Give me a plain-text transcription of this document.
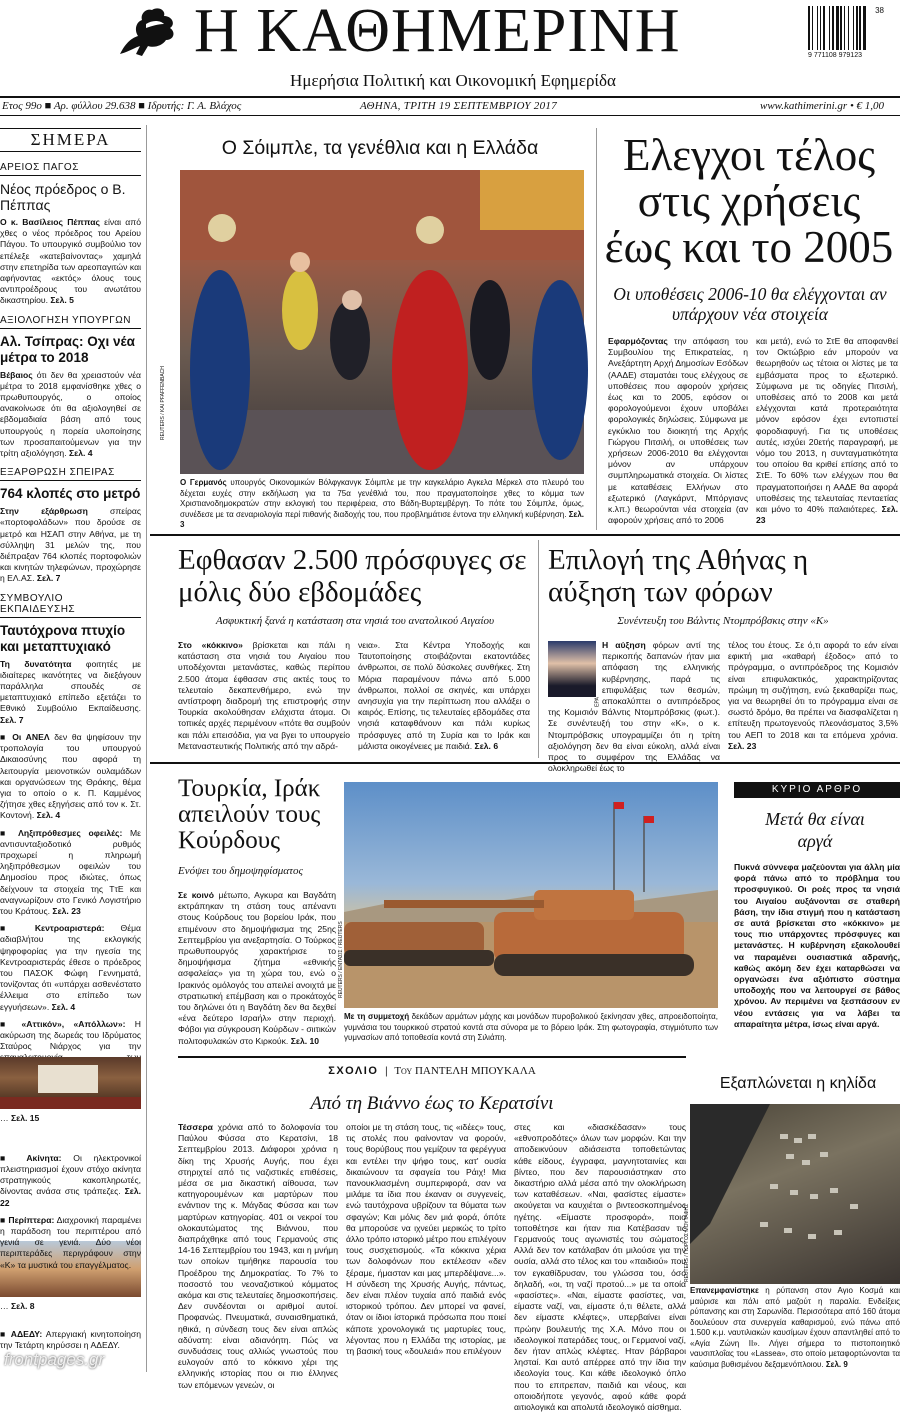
Η ΚΑΘΗΜΕΡΙΝΗ
Ημερήσια Πολιτική και Οικονομική Εφημερίδα
38
9 771108 979123
Ετος 99ο ■ Αρ. φύλλου 29.638 ■ Ιδρυτής: Γ. Α. Βλάχος	ΑΘΗΝΑ, ΤΡΙΤΗ 19 ΣΕΠΤΕΜΒΡΙΟΥ 2017	www.kathimerini.gr • € 1,00
ΣΗΜΕΡΑ
ΑΡΕΙΟΣ ΠΑΓΟΣ
Νέος πρόεδρος ο Β. Πέππας
Ο κ. Βασίλειος Πέππας είναι από χθες ο νέος πρόεδρος του Αρείου Πάγου. Το υπουργικό συμβούλιο τον επέλεξε «κατεβαίνοντας» χαμηλά στην επετηρίδα των αρεοπαγιτών και αφήνοντας «εκτός» όλους τους αντιπροέδρους του ανωτάτου δικαστηρίου. Σελ. 5
ΑΞΙΟΛΟΓΗΣΗ ΥΠΟΥΡΓΩΝ
Αλ. Τσίπρας: Οχι νέα μέτρα το 2018
Βέβαιος ότι δεν θα χρειαστούν νέα μέτρα το 2018 εμφανίσθηκε χθες ο πρωθυπουργός, ο οποίος ανακοίνωσε ότι θα αξιολογηθεί σε εβδομαδιαία βάση από τους υπουργούς η πορεία υλοποίησης των προσαπαιτούμενων για την τρίτη αξιολόγηση. Σελ. 4
ΕΞΑΡΘΡΩΣΗ ΣΠΕΙΡΑΣ
764 κλοπές στο μετρό
Στην εξάρθρωση σπείρας «πορτοφολάδων» που δρούσε σε μετρό και ΗΣΑΠ στην Αθήνα, με τη σύλληψη 31 μελών της, που διέπραξαν 764 κλοπές πορτοφολιών και κινητών τηλεφώνων, προχώρησε η ΕΛ.ΑΣ. Σελ. 7
ΣΥΜΒΟΥΛΙΟ ΕΚΠΑΙΔΕΥΣΗΣ
Ταυτόχρονα πτυχίο και μεταπτυχιακό
Τη δυνατότητα φοιτητές με ιδιαίτερες ικανότητες να διεξάγουν παράλληλα σπουδές σε μεταπτυχιακό επίπεδο εξετάζει το Εθνικό Συμβούλιο Εκπαίδευσης. Σελ. 7
■ Οι ΑΝΕΛ δεν θα ψηφίσουν την τροπολογία του υπουργού Δικαιοσύνης που αφορά τη λειτουργία μειονοτικών ουλαμάδων και οργανώσεων της Θράκης, θέμα για το οποίο ο κ. Π. Καμμένος ζήτησε χθες εξηγήσεις από τον κ. Στ. Κοντονή. Σελ. 4
■ Ληξιπρόθεσμες οφειλές: Με αντισυνταξιοδοτικό ρυθμός προχωρεί η πληρωμή ληξιπρόθεσμων οφειλών του Δημοσίου προς ιδιώτες, όπως δείχνουν τα στοιχεία της ΤτΕ και αναγνωρίζουν στο Γενικό Λογιστήριο του Κράτους. Σελ. 23
■ Κεντροαριστερά: Θέμα αδιαβλήτου της εκλογικής ψηφοφορίας για την ηγεσία της Κεντροαριστεράς έθεσε ο πρόεδρος του ΠΑΣΟΚ Φώφη Γεννηματά, τονίζοντας ότι «υπάρχει ασθενέστατο έλλειμα στο επίπεδο των εγγυήσεων». Σελ. 4
■ «Αττικόν», «Απόλλων»: Η ακύρωση της δωρεάς του Ιδρύματος Σταύρος Νιάρχος για την
… Σελ. 15
■ Ακίνητα: Οι ηλεκτρονικοί πλειστηριασμοί έχουν στόχο ακίνητα στρατηγικούς κακοπληρωτές, δίνοντας ανάσα στις τράπεζες. Σελ. 22
■ Περίπτερα: Διαχρονική παραμένει η παράδοση του περιπτέρου από γενιά σε γενιά. Δύο νέοι περιπτεράδες περιγράφουν στην «Κ» τα μυστικά του επαγγέλματος.
… Σελ. 8
■ ΑΔΕΔΥ: Απεργιακή κινητοποίηση την Τετάρτη κηρύσσει η ΑΔΕΔΥ.
frontpages.gr
Ο Σόιμπλε, τα γενέθλια και η Ελλάδα
REUTERS / KAI PFAFFENBACH
Ο Γερμανός υπουργός Οικονομικών Βόλφγκανγκ Σόιμπλε με την καγκελάριο Αγκελα Μέρκελ στο πλευρό του δέχεται ευχές στην εκδήλωση για τα 75α γενέθλιά του, που πραγματοποίησε χθες το κόμμα των Χριστιανοδημοκρατών στην εκλογική του περιφέρεια, στο Βάδη-Βυρτεμβέργη. Το πότε του Σόιμπλε, όμως, συνέδεσε με τα σεναριολογία περί πιθανής διαδοχής του, που προβλημάτισε έντονα την ελληνική κυβέρνηση. Σελ. 3
Ελεγχοι τέλος στις χρήσεις έως και το 2005
Οι υποθέσεις 2006-10 θα ελέγχονται αν υπάρχουν νέα στοιχεία
Εφαρμόζοντας την απόφαση του Συμβουλίου της Επικρατείας, η Ανεξάρτητη Αρχή Δημοσίων Εσόδων (ΑΑΔΕ) σταματάει τους ελέγχους σε υποθέσεις που αφορούν χρήσεις έως και το 2005, εφόσον οι φορολογούμενοι έχουν υποβάλει φορολογικές δηλώσεις. Σύμφωνα με εγκύκλιο του διοικητή της Αρχής Γιώργου Πιτσιλή, οι υποθέσεις των χρήσεων 2006-2010 θα ελέγχονται μόνον αν υπάρχουν συμπληρωματικά στοιχεία. Οι λίστες με καταθέσεις Ελλήνων στο εξωτερικό (Λαγκάρντ, Μπόργιανς κ.λπ.) θεωρούνται νέα στοιχεία (αν αφορούν χρήσεις από το 2006
και μετά), ενώ το ΣτΕ θα αποφανθεί τον Οκτώβριο εάν μπορούν να θεωρηθούν ως τέτοια οι λίστες με τα εμβάσματα προς το εξωτερικό. Σύμφωνα με τις οδηγίες Πιτσιλή, υποθέσεις από το 2008 και μετά ελέγχονται κατά προτεραιότητα μόνον εφόσον έχει εντοπιστεί φοροδιαφυγή. Για τις υποθέσεις αυτές, ισχύει 20ετής παραγραφή, με νόμο του 2013, η συνταγματικότητα του οποίου θα κριθεί επίσης από το ΣτΕ. Το 60% των ελέγχων που θα πραγματοποιήσει η ΑΑΔΕ θα αφορά υποθέσεις της τελευταίας πενταετίας και μόνο το 40% παλαιότερες. Σελ. 23
Εφθασαν 2.500 πρόσφυγες σε μόλις δύο εβδομάδες
Ασφυκτική ξανά η κατάσταση στα νησιά του ανατολικού Αιγαίου
Στο «κόκκινο» βρίσκεται και πάλι η κατάσταση στα νησιά του Αιγαίου που υποδέχονται μετανάστες, καθώς περίπου 2.500 άτομα έφθασαν στις ακτές τους το τελευταίο δεκαπενθήμερο, ενώ την αντίστροφη διαδρομή της επιστροφής στην Τουρκία ακολούθησαν ελάχιστα άτομα. Οι τοπικές αρχές περιμένουν «πότε θα συμβούν και πάλι επεισόδια, για να βγει το υπουργείο Μεταναστευτικής Πολιτικής από την αδρά-
νεια». Στα Κέντρα Υποδοχής και Ταυτοποίησης στοιβάζονται εκατοντάδες άνθρωποι, σε πολύ δύσκολες συνθήκες. Στη Μόρια παραμένουν πάνω από 5.000 άνθρωποι, πολλοί σε σκηνές, και υπάρχει ανησυχία για την περίπτωση που αλλάξει ο καιρός. Επίσης, τις τελευταίες εβδομάδες στα νησιά καταφθάνουν και πάλι κυρίως πρόσφυγες από τη Συρία και το Ιράκ και μάλιστα οικογένειες με παιδιά. Σελ. 6
Επιλογή της Αθήνας η αύξηση των φόρων
Συνέντευξη του Βάλντις Ντομπρόβσκις στην «Κ»
EPA
Η αύξηση φόρων αντί της περικοπής δαπανών ήταν μια απόφαση της ελληνικής κυβέρνησης, παρά τις επιφυλάξεις των θεσμών, αποκαλύπτει ο αντιπρόεδρος της Κομισιόν Βάλντις Ντομπρόβσκις (φωτ.). Σε συνέντευξή του στην «Κ», ο κ. Ντομπρόβσκις υπογραμμίζει ότι η τρίτη αξιολόγηση δεν θα είναι εύκολη, αλλά είναι προς το συμφέρον της Ελλάδας να ολοκληρωθεί έως το
τέλος του έτους. Σε ό,τι αφορά το εάν είναι εφικτή μια «καθαρή έξοδος» από το πρόγραμμα, ο αντιπρόεδρος της Κομισιόν είναι επιφυλακτικός, χαρακτηρίζοντας πρώιμη τη συζήτηση, ενώ ξεκαθαρίζει πως, για να θεωρηθεί ότι το πρόγραμμα είναι σε σωστό δρόμο, θα πρέπει να διασφαλίζεται η επίτευξη πρωτογενούς πλεονάσματος 3,5% του ΑΕΠ το 2018 και τα επόμενα χρόνια. Σελ. 23
Τουρκία, Ιράκ απειλούν τους Κούρδους
Ενόψει του δημοψηφίσματος
Σε κοινό μέτωπο, Αγκυρα και Βαγδάτη εκτράπηκαν τη στάση τους απέναντι στους Κούρδους του βορείου Ιράκ, που επιμένουν στο δημοψήφισμα της 25ης Σεπτεμβρίου για ανεξαρτησία. Ο Τούρκος πρωθυπουργός χαρακτήρισε το δημοψήφισμα ζήτημα «εθνικής ασφαλείας» για τη χώρα του, ενώ ο Ιρακινός ομόλογός του απειλεί ανοιχτά με στρατιωτική επέμβαση και ο προκάτοχός του δηλώνει ότι η Βαγδάτη δεν θα δεχθεί «ένα δεύτερο Ισραήλ» στην περιοχή. Φόβοι για σύγκρουση Κούρδων - σιιτικών πολιτοφυλακών στο Κιρκούκ. Σελ. 10
REUTERS / ΕΝΤΑΣΙΣ / REUTERS
Με τη συμμετοχή δεκάδων αρμάτων μάχης και μονάδων πυροβολικού ξεκίνησαν χθες, απροειδοποίητα, γυμνάσια του τουρκικού στρατού κοντά στα σύνορα με το βόρειο Ιράκ. Στη φωτογραφία, στιγμιότυπο των γυμνασίων από τοποθεσία κοντά στη Σιλιάπη.
ΚΥΡΙΟ ΑΡΘΡΟ
Μετά θα είναι αργά
Πυκνά σύννεφα μαζεύονται για άλλη μία φορά πάνω από το πρόβλημα του προσφυγικού. Οι ροές προς τα νησιά του Αιγαίου αυξάνονται σε σταθερή βάση, την ίδια στιγμή που η κατάσταση σε αυτά βρίσκεται στο «κόκκινο» με τους πιο υπάρχοντες πρόσφυγες και μετανάστες. Η κυβέρνηση εξακολουθεί να παραμένει ουσιαστικά αδρανής, καθώς ακόμη δεν έχει καταρθώσει να οργανώσει ένα αξιόπιστο σύστημα υποδοχής που να λειτουργεί σε βάθος χρόνου. Αν περιμένει να ξεσπάσουν εν νέου εντάσεις για να λάβει τα απαραίτητα μέτρα, ίσως είναι αργά.
ΣΧΟΛΙΟ | Του ΠΑΝΤΕΛΗ ΜΠΟΥΚΑΛΑ
Από τη Βιάννο έως το Κερατσίνι
Τέσσερα χρόνια από το δολοφονία του Παύλου Φύσσα στο Κερατσίνι, 18 Σεπτεμβρίου 2013. Διάφοροι χρόνια η δίκη της Χρυσής Αυγής, που έχει στηριχτεί από τις ναζιστικές επιθέσεις, μέσα σε μια δικαστική αίθουσα, των κατηγορουμένων και μαρτύρων που ενάντιον της κ. Μάγδας Φύσσα και των μαρτύρων κατηγορίας. 401 οι νεκροί του ολοκαυτώματος της Βιάννου, που διαπράχθηκε από τους Γερμανούς στις 14-16 Σεπτεμβρίου του 1943, και η μνήμη των οποίων τιμήθηκε παρουσία του Προέδρου της Δημοκρατίας. Το 7% το ποσοστό του νεοναζιστικού κόμματος ακόμα και στις τελευταίες δημοσκοπήσεις. Δεν συνδέονται οι αριθμοί αυτοί. Προφανώς. Πνευματικά, συναισθηματικά, ηθικά, η σύνδεση τους δεν είναι απλώς αδύνατη: είναι αδιανόητη. Πώς να συνδυάσεις τους αλλιώς γνωστούς που ευλογούν από το κόκκινο χέρι της ελληνικής ιστορίας που οι πιο έλληνες των επόμενων γενεών, οι
οποίοι με τη στάση τους, τις «ιδέες» τους, τις στολές που φαίνονταν να φορούν, τους θορύβους που γεμίζουν τα φερέγγυα και εντέλει την ψήφο τους, κατ' ουσία δικαιώνουν τα σφαγεία του Ράιχ! Μια πανουκλιασμένη συμπεριφορά, σαν να μιλάμε τα ίδια που έκαναν οι συγγενείς, ενώ ταυτόχρονα υβρίζουν τα θύματα των σφαγών; Και μόλις δεν μιά φορά, όπότε θα μπορούσε να ιχνεύει μερικώς το τρίτο άλλο τρόπο ιστορικό μέτρο που επιλέγουν τους συσχετισμούς. «Τα κόκκινα χέρια των δολοφόνων που εκτέλεσαν «δεν ξέραμε, ήμασταν και μας μπερδέψανε...». Η σύνδεση της Χρυσής Αυγής, πάντως, δεν είναι πλέον τυχαία από παιδιά ενός ιστορικού τρόπου. Δεν μπορεί να φανεί, όταν οι ίδιοι ίστορικά πρόσωπα που ποιεί κάποτε χρονολογικά τις μαρτυρίες τους, λέγοντας που η Ελλάδα της ιστορίας, με τη βασική τους «δουλειά» που επιλέγουν
στες και «διασκέδασαν» τους «εθνοπροδότες» όλων των μορφών. Και την αποδεικνύουν αδιάσειστα τοποθετώντας κάθε είδους, έγγραφα, μαγνητοταινίες και βίντεο, που δεν παρουσιάστηκαν στο δικαστήριο αλλά μέσα από την ολοκλήρωση των καταθέσεων. «Ναι, φασίστες είμαστε» ακούγεται να καυχιέται ο βιντεοσκοπημένος ηγέτης. «Είμαστε προσφορά», ποιο τοποθέτησε και ήταν πια Κατέβασαν τις Γερμανούς τους αγωνιστές του σώματος. Αλλά δεν τον κατάλαβαν ότι μιλούσε για την ουσία, αλλά στο τέλος και του «παιδιού» που τον εγκαθίδρυσαν, του γλώσσα του, όσο δηλαδή, «οι, τη ναζί προτού...» με τα οποία «φασίστες». «Ναι, είμαστε φασίστες, ναι, είμαστε ναζί, ναι, είμαστε ό,τι θέλετε, αλλά δεν είμαστε κλέφτες», υπερβαίνει είναι πρώην βουλευτής της Χ.Α. Μόνο που οι ιδεολογικοί πατεράδες τους, οι Γερμανοί ναζί, δεν ήταν απλώς κλέφτες. Ηταν βάρβαροι λησταί. Και αυτό απέρρεε από την ίδια την ιδεολογία τους. Και κάθε ιδεολογικό όπλο που το επιτρεπαν, παιδιά και νέους, και οποιοδήποτε γεγονός, αφού κάθε φορά αιτιολογικά και απολυτά ιδεολογικό αίσθημα.
Εξαπλώνεται η κηλίδα
REUTERS / ΓΙΩΡΓΟΣ ΜΟΥΤΑΦΗΣ
Επανεμφανίστηκε η ρύπανση στον Αγιο Κοσμά και μαύρισε και πάλι από μαζούτ η παραλία. Ενδείξεις ρύπανσης και στη Σαρωνίδα. Περισσότερα από 160 άτομα δουλεύουν στα συνεργεία καθαρισμού, ενώ πάνω από 1.500 κ.μ. ναυτιλιακών καυσίμων έχουν απαντληθεί από το «Αγία Ζώνη ΙΙ». Λήγει σήμερα το πιστοποιητικό ναυσιπλοΐας του «Lassea», στο οποίο μεταφορτώνονται τα καύσιμα βυθισμένου δεξαμενόπλοιου. Σελ. 9
